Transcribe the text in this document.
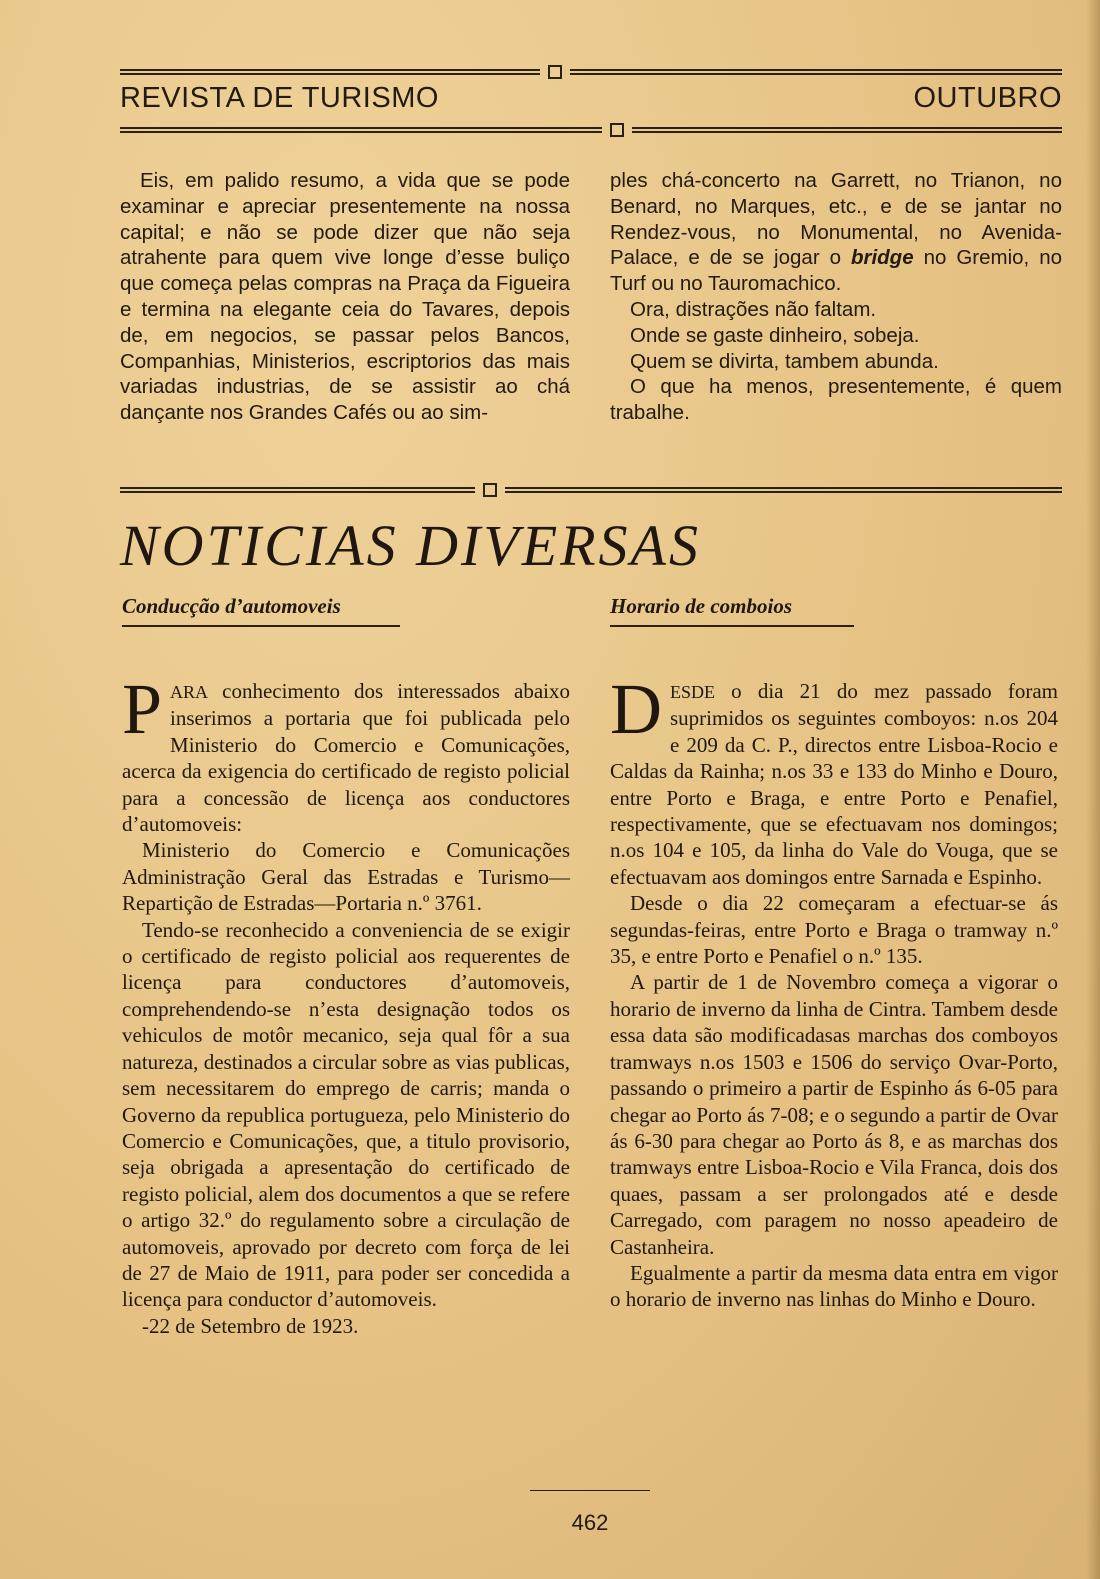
REVISTA DE TURISMO	OUTUBRO

Eis, em palido resumo, a vida que se pode examinar e apreciar presentemente na nossa capital; e não se pode dizer que não seja atrahente para quem vive longe d’esse buliço que começa pelas compras na Praça da Figueira e termina na elegante ceia do Tavares, depois de, em negocios, se passar pelos Bancos, Companhias, Ministerios, escriptorios das mais variadas industrias, de se assistir ao chá dançante nos Grandes Cafés ou ao sim-

ples chá-concerto na Garrett, no Trianon, no Benard, no Marques, etc., e de se jantar no Rendez-vous, no Monumental, no Avenida-Palace, e de se jogar o bridge no Gremio, no Turf ou no Tauromachico.

Ora, distrações não faltam.

Onde se gaste dinheiro, sobeja.

Quem se divirta, tambem abunda.

O que ha menos, presentemente, é quem trabalhe.

NOTICIAS DIVERSAS
Conducção d’automoveis	Horario de comboios

PARA conhecimento dos interessados abaixo inserimos a portaria que foi publicada pelo Ministerio do Comercio e Comunicações, acerca da exigencia do certificado de registo policial para a concessão de licença aos conductores d’automoveis:

Ministerio do Comercio e Comunicações Administração Geral das Estradas e Turismo—Repartição de Estradas—Portaria n.º 3761.

Tendo-se reconhecido a conveniencia de se exigir o certificado de registo policial aos requerentes de licença para conductores d’automoveis, comprehendendo-se n’esta designação todos os vehiculos de motôr mecanico, seja qual fôr a sua natureza, destinados a circular sobre as vias publicas, sem necessitarem do emprego de carris; manda o Governo da republica portugueza, pelo Ministerio do Comercio e Comunicações, que, a titulo provisorio, seja obrigada a apresentação do certificado de registo policial, alem dos documentos a que se refere o artigo 32.º do regulamento sobre a circulação de automoveis, aprovado por decreto com força de lei de 27 de Maio de 1911, para poder ser concedida a licença para conductor d’automoveis.

-22 de Setembro de 1923.

DESDE o dia 21 do mez passado foram suprimidos os seguintes comboyos: n.os 204 e 209 da C. P., directos entre Lisboa-Rocio e Caldas da Rainha; n.os 33 e 133 do Minho e Douro, entre Porto e Braga, e entre Porto e Penafiel, respectivamente, que se efectuavam nos domingos; n.os 104 e 105, da linha do Vale do Vouga, que se efectuavam aos domingos entre Sarnada e Espinho.

Desde o dia 22 começaram a efectuar-se ás segundas-feiras, entre Porto e Braga o tramway n.º 35, e entre Porto e Penafiel o n.º 135.

A partir de 1 de Novembro começa a vigorar o horario de inverno da linha de Cintra. Tambem desde essa data são modificadasas marchas dos comboyos tramways n.os 1503 e 1506 do serviço Ovar-Porto, passando o primeiro a partir de Espinho ás 6-05 para chegar ao Porto ás 7-08; e o segundo a partir de Ovar ás 6-30 para chegar ao Porto ás 8, e as marchas dos tramways entre Lisboa-Rocio e Vila Franca, dois dos quaes, passam a ser prolongados até e desde Carregado, com paragem no nosso apeadeiro de Castanheira.

Egualmente a partir da mesma data entra em vigor o horario de inverno nas linhas do Minho e Douro.

462
